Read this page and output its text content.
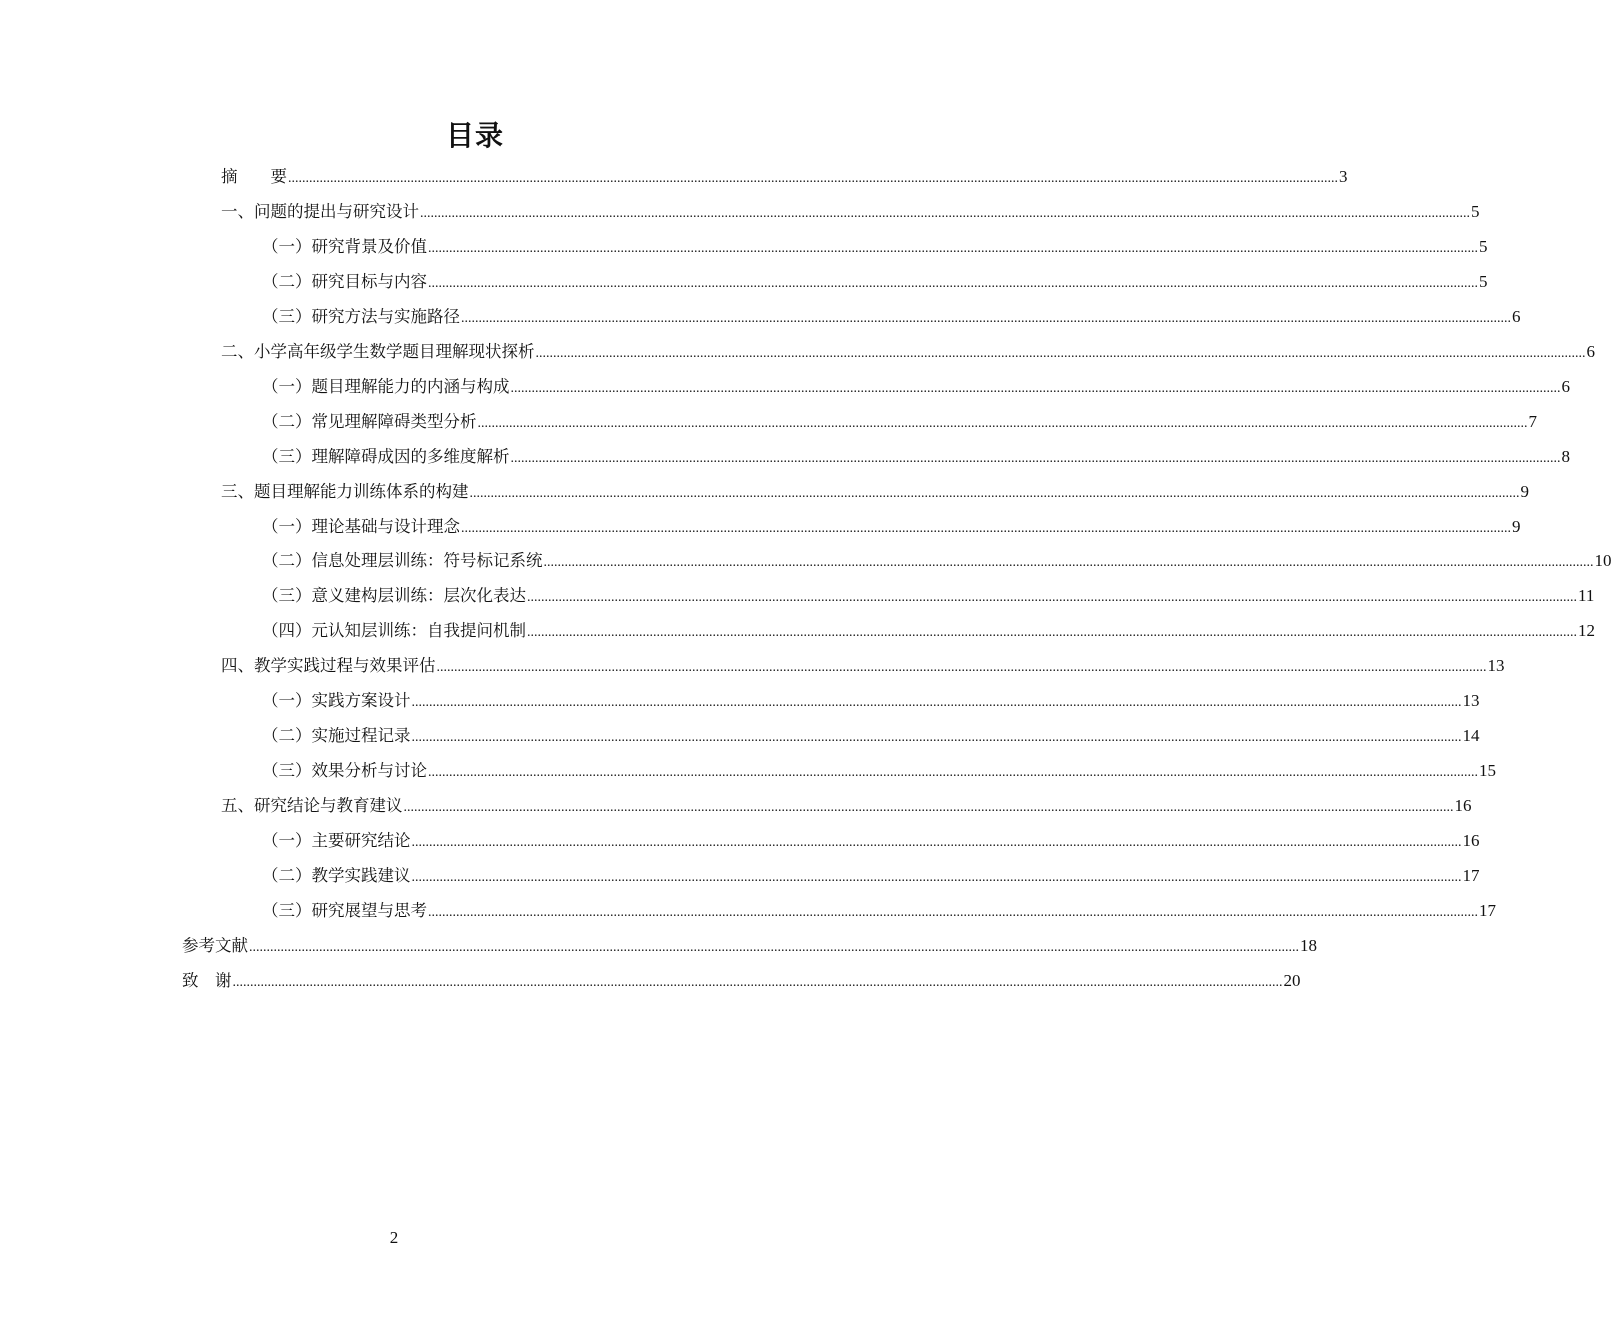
目录
摘　　要 ............................................................................................................................................................................................................................................................................................................ 3
一、问题的提出与研究设计 ............................................................................................................................................................................................................................................................................................................ 5
（一）研究背景及价值 ............................................................................................................................................................................................................................................................................................................ 5
（二）研究目标与内容 ............................................................................................................................................................................................................................................................................................................ 5
（三）研究方法与实施路径 ............................................................................................................................................................................................................................................................................................................ 6
二、小学高年级学生数学题目理解现状探析 ............................................................................................................................................................................................................................................................................................................ 6
（一）题目理解能力的内涵与构成 ............................................................................................................................................................................................................................................................................................................ 6
（二）常见理解障碍类型分析 ............................................................................................................................................................................................................................................................................................................ 7
（三）理解障碍成因的多维度解析 ............................................................................................................................................................................................................................................................................................................ 8
三、题目理解能力训练体系的构建 ............................................................................................................................................................................................................................................................................................................ 9
（一）理论基础与设计理念 ............................................................................................................................................................................................................................................................................................................ 9
（二）信息处理层训练：符号标记系统 ............................................................................................................................................................................................................................................................................................................ 10
（三）意义建构层训练：层次化表达 ............................................................................................................................................................................................................................................................................................................ 11
（四）元认知层训练：自我提问机制 ............................................................................................................................................................................................................................................................................................................ 12
四、教学实践过程与效果评估 ............................................................................................................................................................................................................................................................................................................ 13
（一）实践方案设计 ............................................................................................................................................................................................................................................................................................................ 13
（二）实施过程记录 ............................................................................................................................................................................................................................................................................................................ 14
（三）效果分析与讨论 ............................................................................................................................................................................................................................................................................................................ 15
五、研究结论与教育建议 ............................................................................................................................................................................................................................................................................................................ 16
（一）主要研究结论 ............................................................................................................................................................................................................................................................................................................ 16
（二）教学实践建议 ............................................................................................................................................................................................................................................................................................................ 17
（三）研究展望与思考 ............................................................................................................................................................................................................................................................................................................ 17
参考文献 ............................................................................................................................................................................................................................................................................................................ 18
致　谢 ............................................................................................................................................................................................................................................................................................................ 20
2
